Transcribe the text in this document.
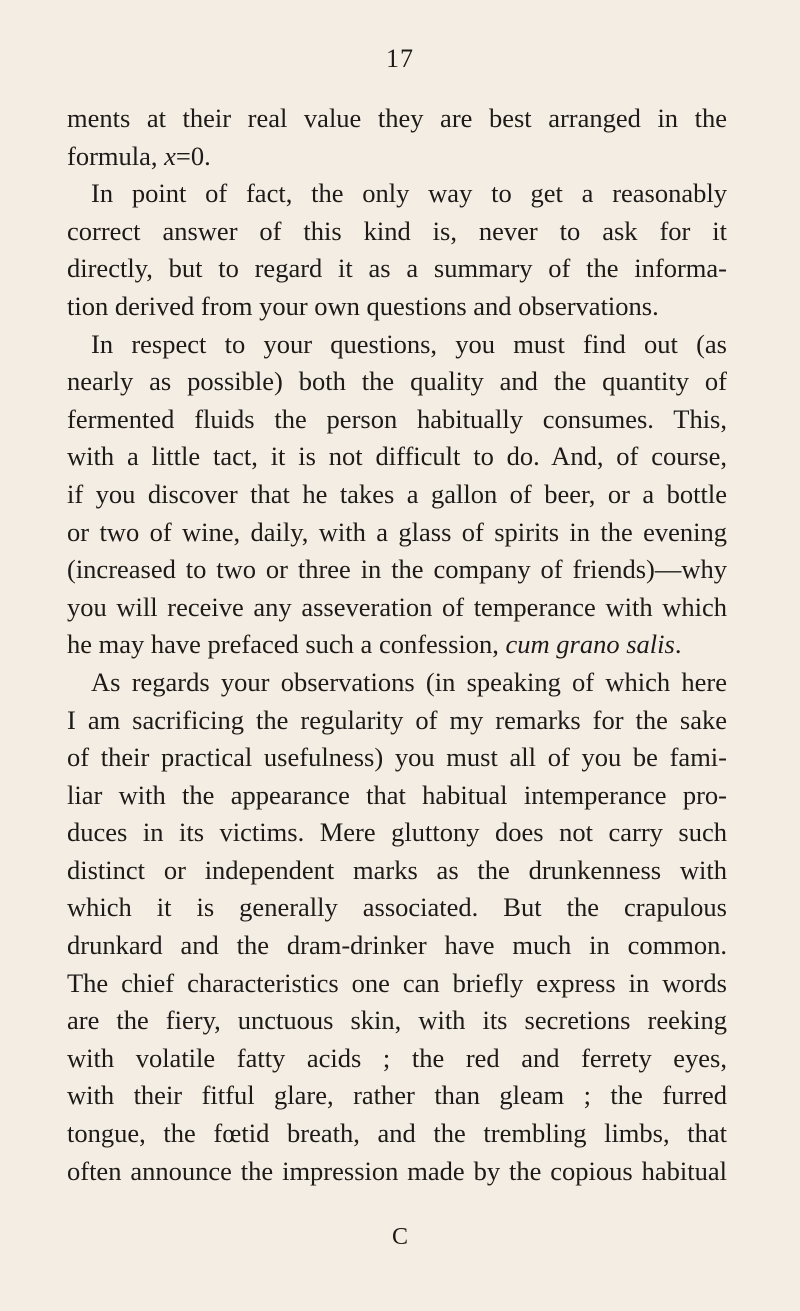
17
ments at their real value they are best arranged in the
formula, x=0.
In point of fact, the only way to get a reasonably
correct answer of this kind is, never to ask for it
directly, but to regard it as a summary of the informa-
tion derived from your own questions and observations.
In respect to your questions, you must find out (as
nearly as possible) both the quality and the quantity of
fermented fluids the person habitually consumes. This,
with a little tact, it is not difficult to do. And, of course,
if you discover that he takes a gallon of beer, or a bottle
or two of wine, daily, with a glass of spirits in the evening
(increased to two or three in the company of friends)—why
you will receive any asseveration of temperance with which
he may have prefaced such a confession, cum grano salis.
As regards your observations (in speaking of which here
I am sacrificing the regularity of my remarks for the sake
of their practical usefulness) you must all of you be fami-
liar with the appearance that habitual intemperance pro-
duces in its victims. Mere gluttony does not carry such
distinct or independent marks as the drunkenness with
which it is generally associated. But the crapulous
drunkard and the dram-drinker have much in common.
The chief characteristics one can briefly express in words
are the fiery, unctuous skin, with its secretions reeking
with volatile fatty acids ; the red and ferrety eyes,
with their fitful glare, rather than gleam ; the furred
tongue, the fœtid breath, and the trembling limbs, that
often announce the impression made by the copious habitual
C
